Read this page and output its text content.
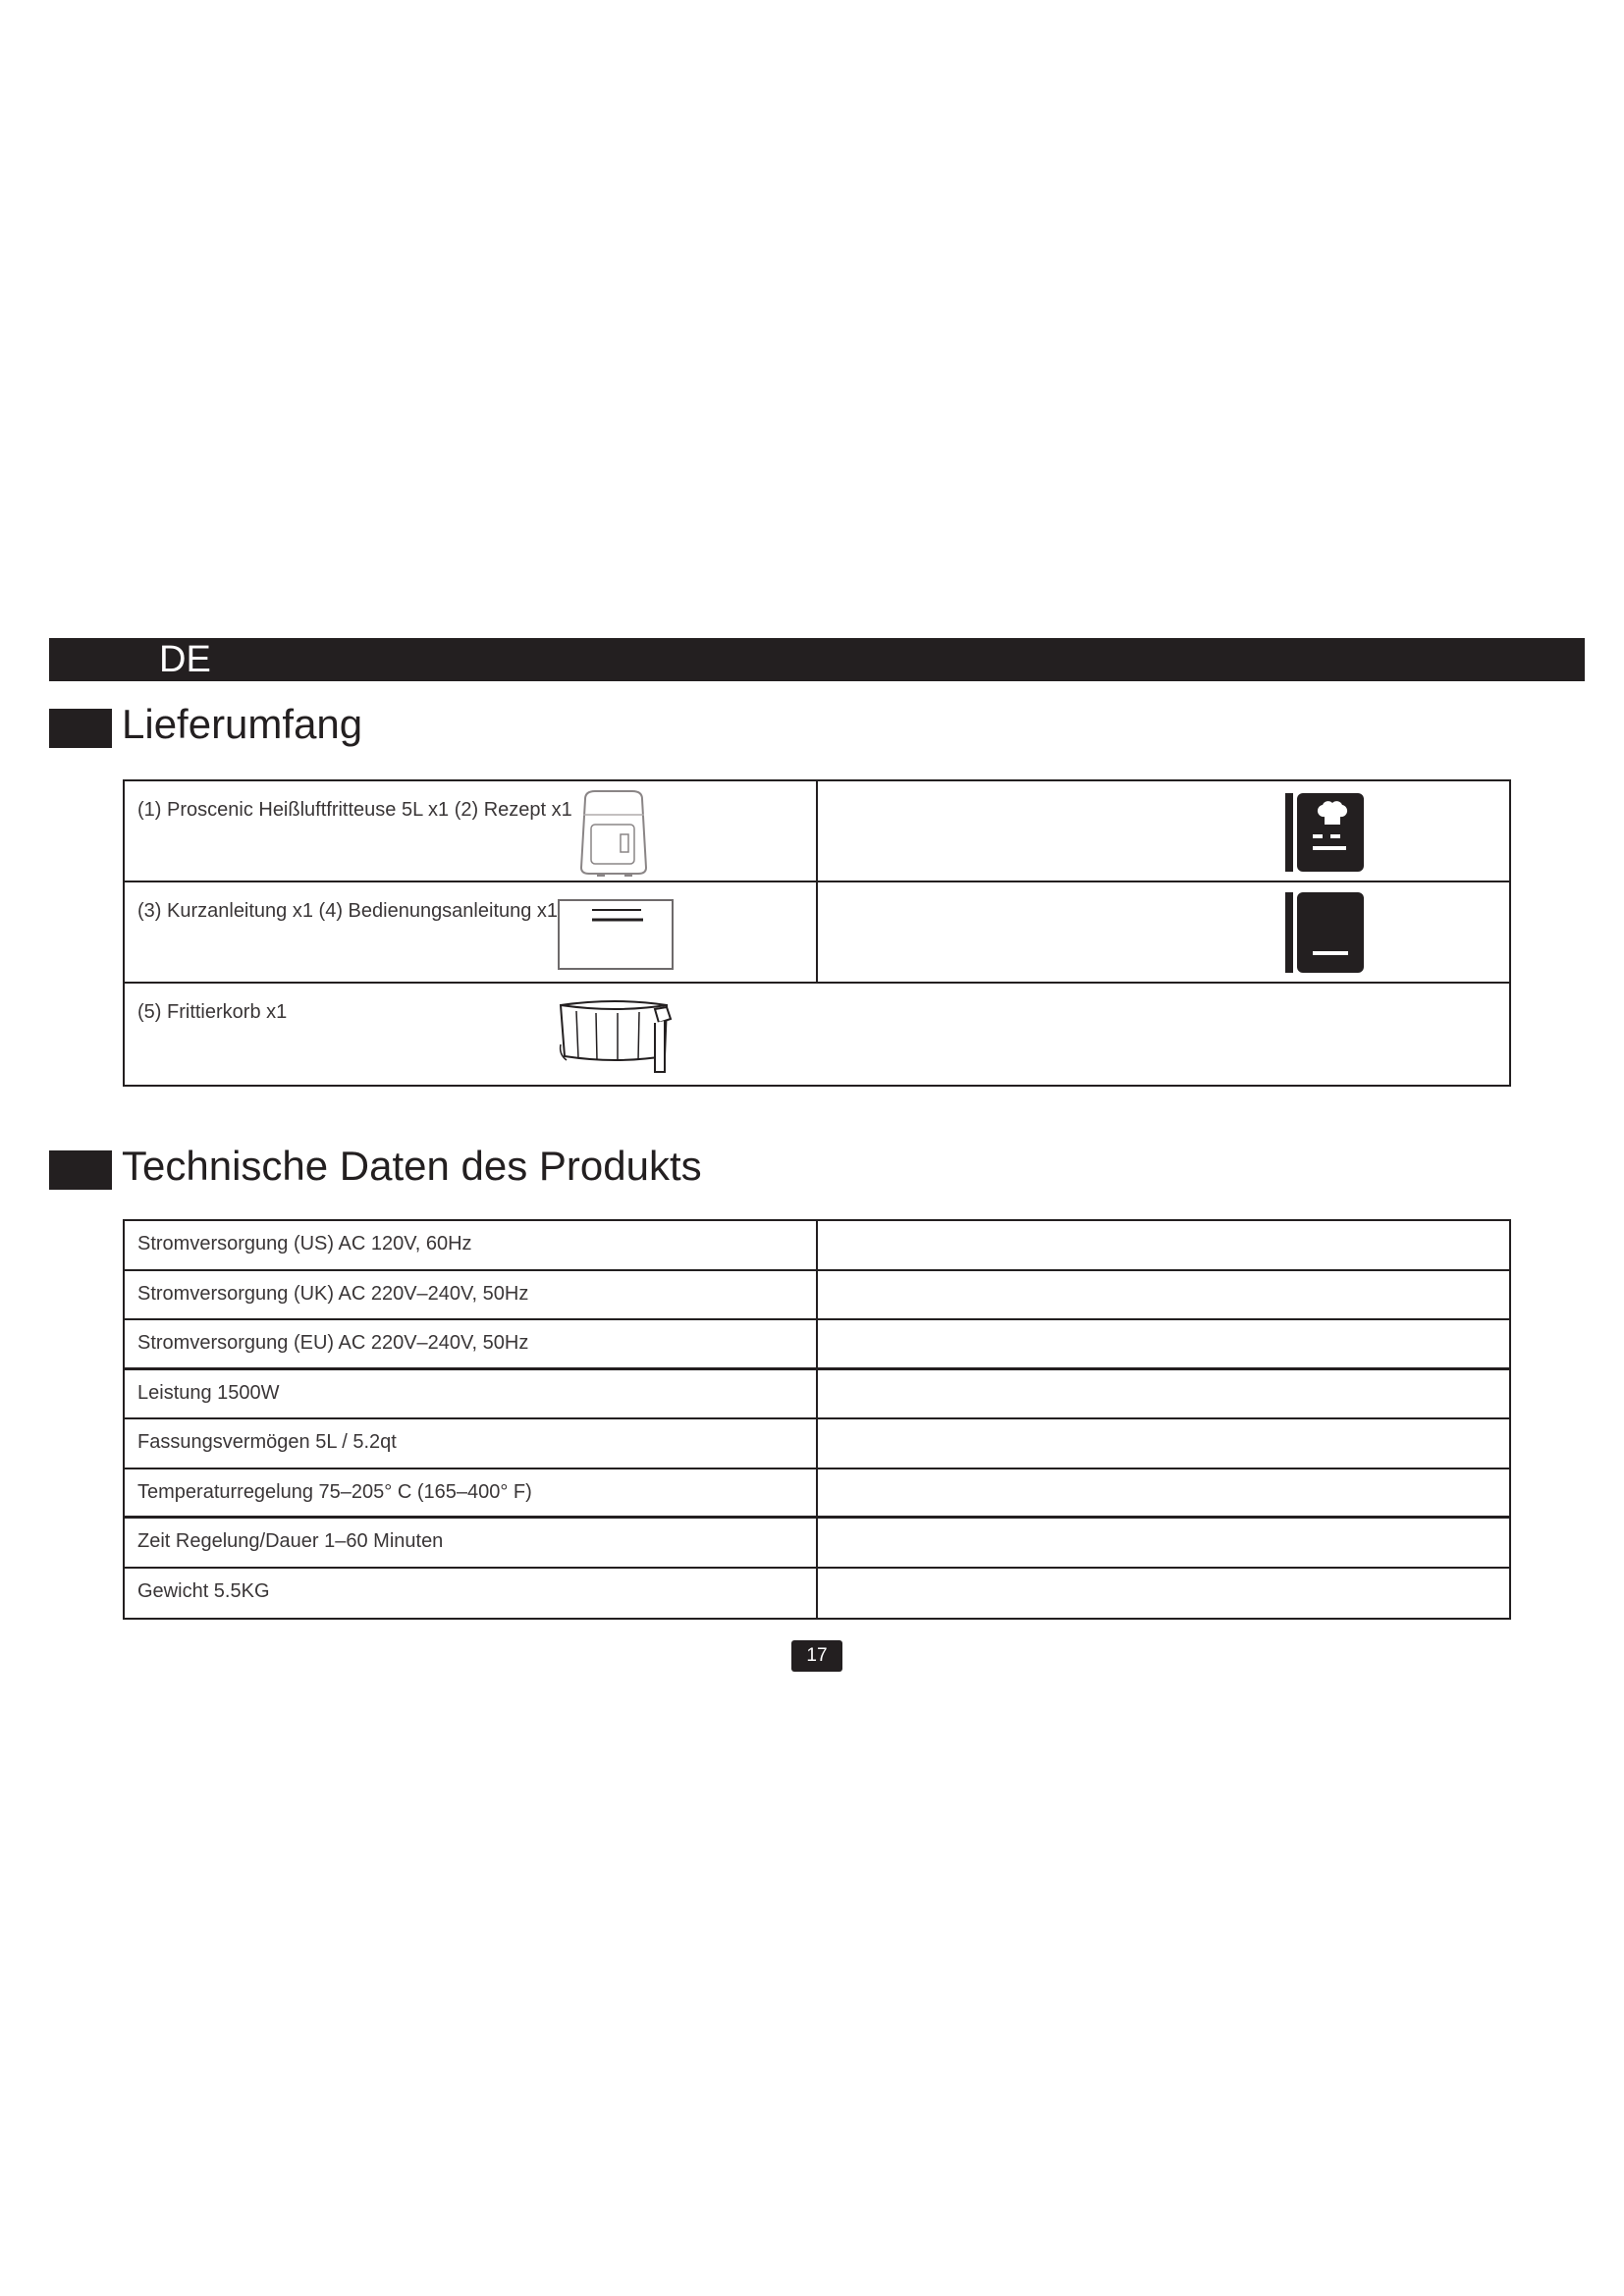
DE
Lieferumfang
(1) Proscenic Heißluftfritteuse 5L x1 (2) Rezept x1
(3) Kurzanleitung x1 (4) Bedienungsanleitung x1
(5) Frittierkorb x1
Technische Daten des Produkts
Stromversorgung (US) AC 120V, 60Hz
Stromversorgung (UK) AC 220V–240V, 50Hz
Stromversorgung (EU) AC 220V–240V, 50Hz
Leistung 1500W
Fassungsvermögen 5L / 5.2qt
Temperaturregelung 75–205° C (165–400° F)
Zeit Regelung/Dauer 1–60 Minuten
Gewicht 5.5KG
17
